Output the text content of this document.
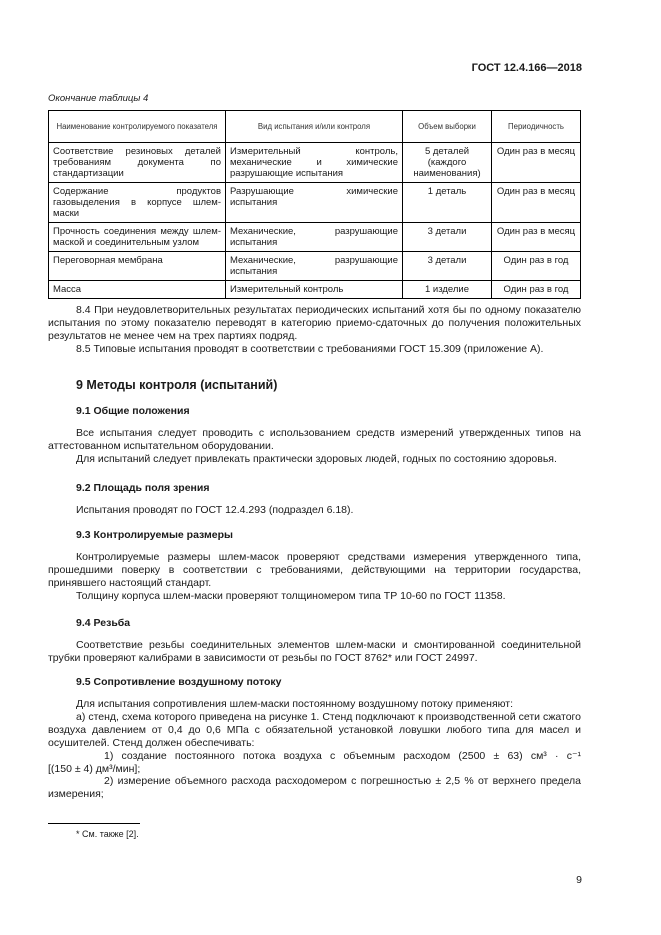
ГОСТ 12.4.166—2018
Окончание таблицы 4
Наименование контролируемого показателя	Вид испытания и/или контроля	Объем выборки	Периодичность
Соответствие резиновых деталей требованиям документа по стандартизации	Измерительный контроль, механические и химические разрушающие испытания	5 деталей (каждого наименования)	Один раз в месяц
Содержание продуктов газовыделения в корпусе шлем-маски	Разрушающие химические испытания	1 деталь	Один раз в месяц
Прочность соединения между шлем-маской и соединительным узлом	Механические, разрушающие испытания	3 детали	Один раз в месяц
Переговорная мембрана	Механические, разрушающие испытания	3 детали	Один раз в год
Масса	Измерительный контроль	1 изделие	Один раз в год

8.4 При неудовлетворительных результатах периодических испытаний хотя бы по одному показателю испытания по этому показателю переводят в категорию приемо-сдаточных до получения положительных результатов не менее чем на трех партиях подряд.

8.5 Типовые испытания проводят в соответствии с требованиями ГОСТ 15.309 (приложение А).

9 Методы контроля (испытаний)
9.1 Общие положения

Все испытания следует проводить с использованием средств измерений утвержденных типов на аттестованном испытательном оборудовании.

Для испытаний следует привлекать практически здоровых людей, годных по состоянию здоровья.

9.2 Площадь поля зрения

Испытания проводят по ГОСТ 12.4.293 (подраздел 6.18).

9.3 Контролируемые размеры

Контролируемые размеры шлем-масок проверяют средствами измерения утвержденного типа, прошедшими поверку в соответствии с требованиями, действующими на территории государства, принявшего настоящий стандарт.

Толщину корпуса шлем-маски проверяют толщиномером типа ТР 10-60 по ГОСТ 11358.

9.4 Резьба

Соответствие резьбы соединительных элементов шлем-маски и смонтированной соединительной трубки проверяют калибрами в зависимости от резьбы по ГОСТ 8762* или ГОСТ 24997.

9.5 Сопротивление воздушному потоку

Для испытания сопротивления шлем-маски постоянному воздушному потоку применяют:

а) стенд, схема которого приведена на рисунке 1. Стенд подключают к производственной сети сжатого воздуха давлением от 0,4 до 0,6 МПа с обязательной установкой ловушки любого типа для масел и осушителей. Стенд должен обеспечивать:

1) создание постоянного потока воздуха с объемным расходом (2500 ± 63) см³ · с⁻¹

[(150 ± 4) дм³/мин];

2) измерение объемного расхода расходомером с погрешностью ± 2,5 % от верхнего предела

измерения;

* См. также [2].
9
